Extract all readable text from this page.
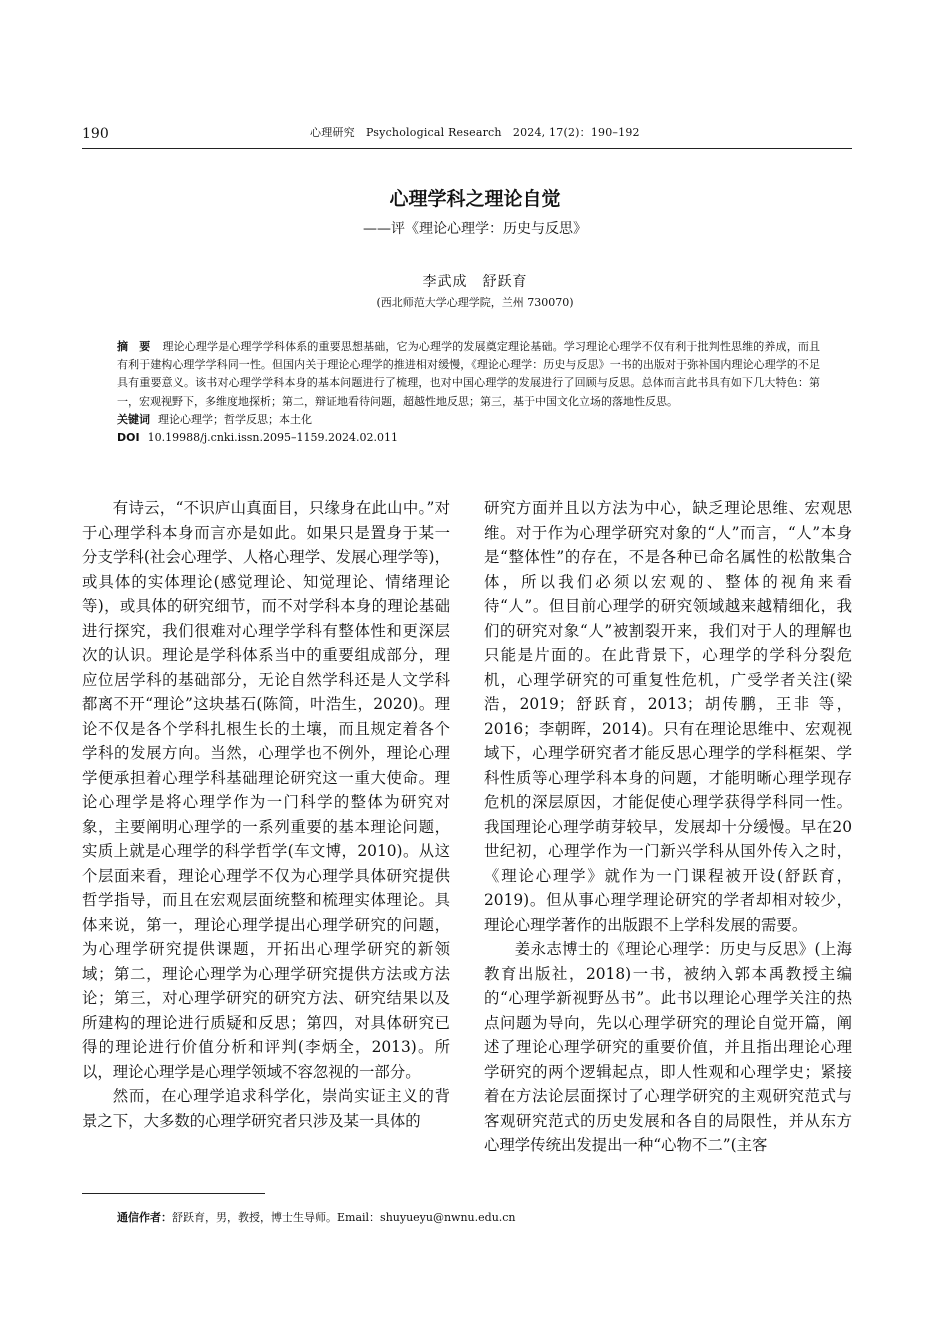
190	心理研究　Psychological Research　2024, 17(2)：190–192
心理学科之理论自觉
——评《理论心理学：历史与反思》
李武成　舒跃育
(西北师范大学心理学院，兰州 730070)
摘　要 理论心理学是心理学学科体系的重要思想基础，它为心理学的发展奠定理论基础。学习理论心理学不仅有利于批判性思维的养成，而且有利于建构心理学学科同一性。但国内关于理论心理学的推进相对缓慢，《理论心理学：历史与反思》一书的出版对于弥补国内理论心理学的不足具有重要意义。该书对心理学学科本身的基本问题进行了梳理，也对中国心理学的发展进行了回顾与反思。总体而言此书具有如下几大特色：第一，宏观视野下，多维度地探析；第二，辩证地看待问题，超越性地反思；第三，基于中国文化立场的落地性反思。
关键词 理论心理学；哲学反思；本土化
DOI 10.19988/j.cnki.issn.2095–1159.2024.02.011

有诗云，“不识庐山真面目，只缘身在此山中。”对于心理学科本身而言亦是如此。如果只是置身于某一分支学科(社会心理学、人格心理学、发展心理学等)，或具体的实体理论(感觉理论、知觉理论、情绪理论等)，或具体的研究细节，而不对学科本身的理论基础进行探究，我们很难对心理学学科有整体性和更深层次的认识。理论是学科体系当中的重要组成部分，理应位居学科的基础部分，无论自然学科还是人文学科都离不开“理论”这块基石(陈简，叶浩生，2020)。理论不仅是各个学科扎根生长的土壤，而且规定着各个学科的发展方向。当然，心理学也不例外，理论心理学便承担着心理学科基础理论研究这一重大使命。理论心理学是将心理学作为一门科学的整体为研究对象，主要阐明心理学的一系列重要的基本理论问题，实质上就是心理学的科学哲学(车文博，2010)。从这个层面来看，理论心理学不仅为心理学具体研究提供哲学指导，而且在宏观层面统整和梳理实体理论。具体来说，第一，理论心理学提出心理学研究的问题，为心理学研究提供课题，开拓出心理学研究的新领域；第二，理论心理学为心理学研究提供方法或方法论；第三，对心理学研究的研究方法、研究结果以及所建构的理论进行质疑和反思；第四，对具体研究已得的理论进行价值分析和评判(李炳全，2013)。所以，理论心理学是心理学领域不容忽视的一部分。

然而，在心理学追求科学化，崇尚实证主义的背景之下，大多数的心理学研究者只涉及某一具体的

研究方面并且以方法为中心，缺乏理论思维、宏观思维。对于作为心理学研究对象的“人”而言，“人”本身是“整体性”的存在，不是各种已命名属性的松散集合体，所以我们必须以宏观的、整体的视角来看待“人”。但目前心理学的研究领域越来越精细化，我们的研究对象“人”被割裂开来，我们对于人的理解也只能是片面的。在此背景下，心理学的学科分裂危机，心理学研究的可重复性危机，广受学者关注(梁浩，2019；舒跃育，2013；胡传鹏，王非 等，2016；李朝晖，2014)。只有在理论思维中、宏观视域下，心理学研究者才能反思心理学的学科框架、学科性质等心理学科本身的问题，才能明晰心理学现存危机的深层原因，才能促使心理学获得学科同一性。我国理论心理学萌芽较早，发展却十分缓慢。早在20世纪初，心理学作为一门新兴学科从国外传入之时，《理论心理学》就作为一门课程被开设(舒跃育，2019)。但从事心理学理论研究的学者却相对较少，理论心理学著作的出版跟不上学科发展的需要。

姜永志博士的《理论心理学：历史与反思》(上海教育出版社，2018)一书，被纳入郭本禹教授主编的“心理学新视野丛书”。此书以理论心理学关注的热点问题为导向，先以心理学研究的理论自觉开篇，阐述了理论心理学研究的重要价值，并且指出理论心理学研究的两个逻辑起点，即人性观和心理学史；紧接着在方法论层面探讨了心理学研究的主观研究范式与客观研究范式的历史发展和各自的局限性，并从东方心理学传统出发提出一种“心物不二”(主客

通信作者：舒跃育，男，教授，博士生导师。Email：shuyueyu@nwnu.edu.cn
